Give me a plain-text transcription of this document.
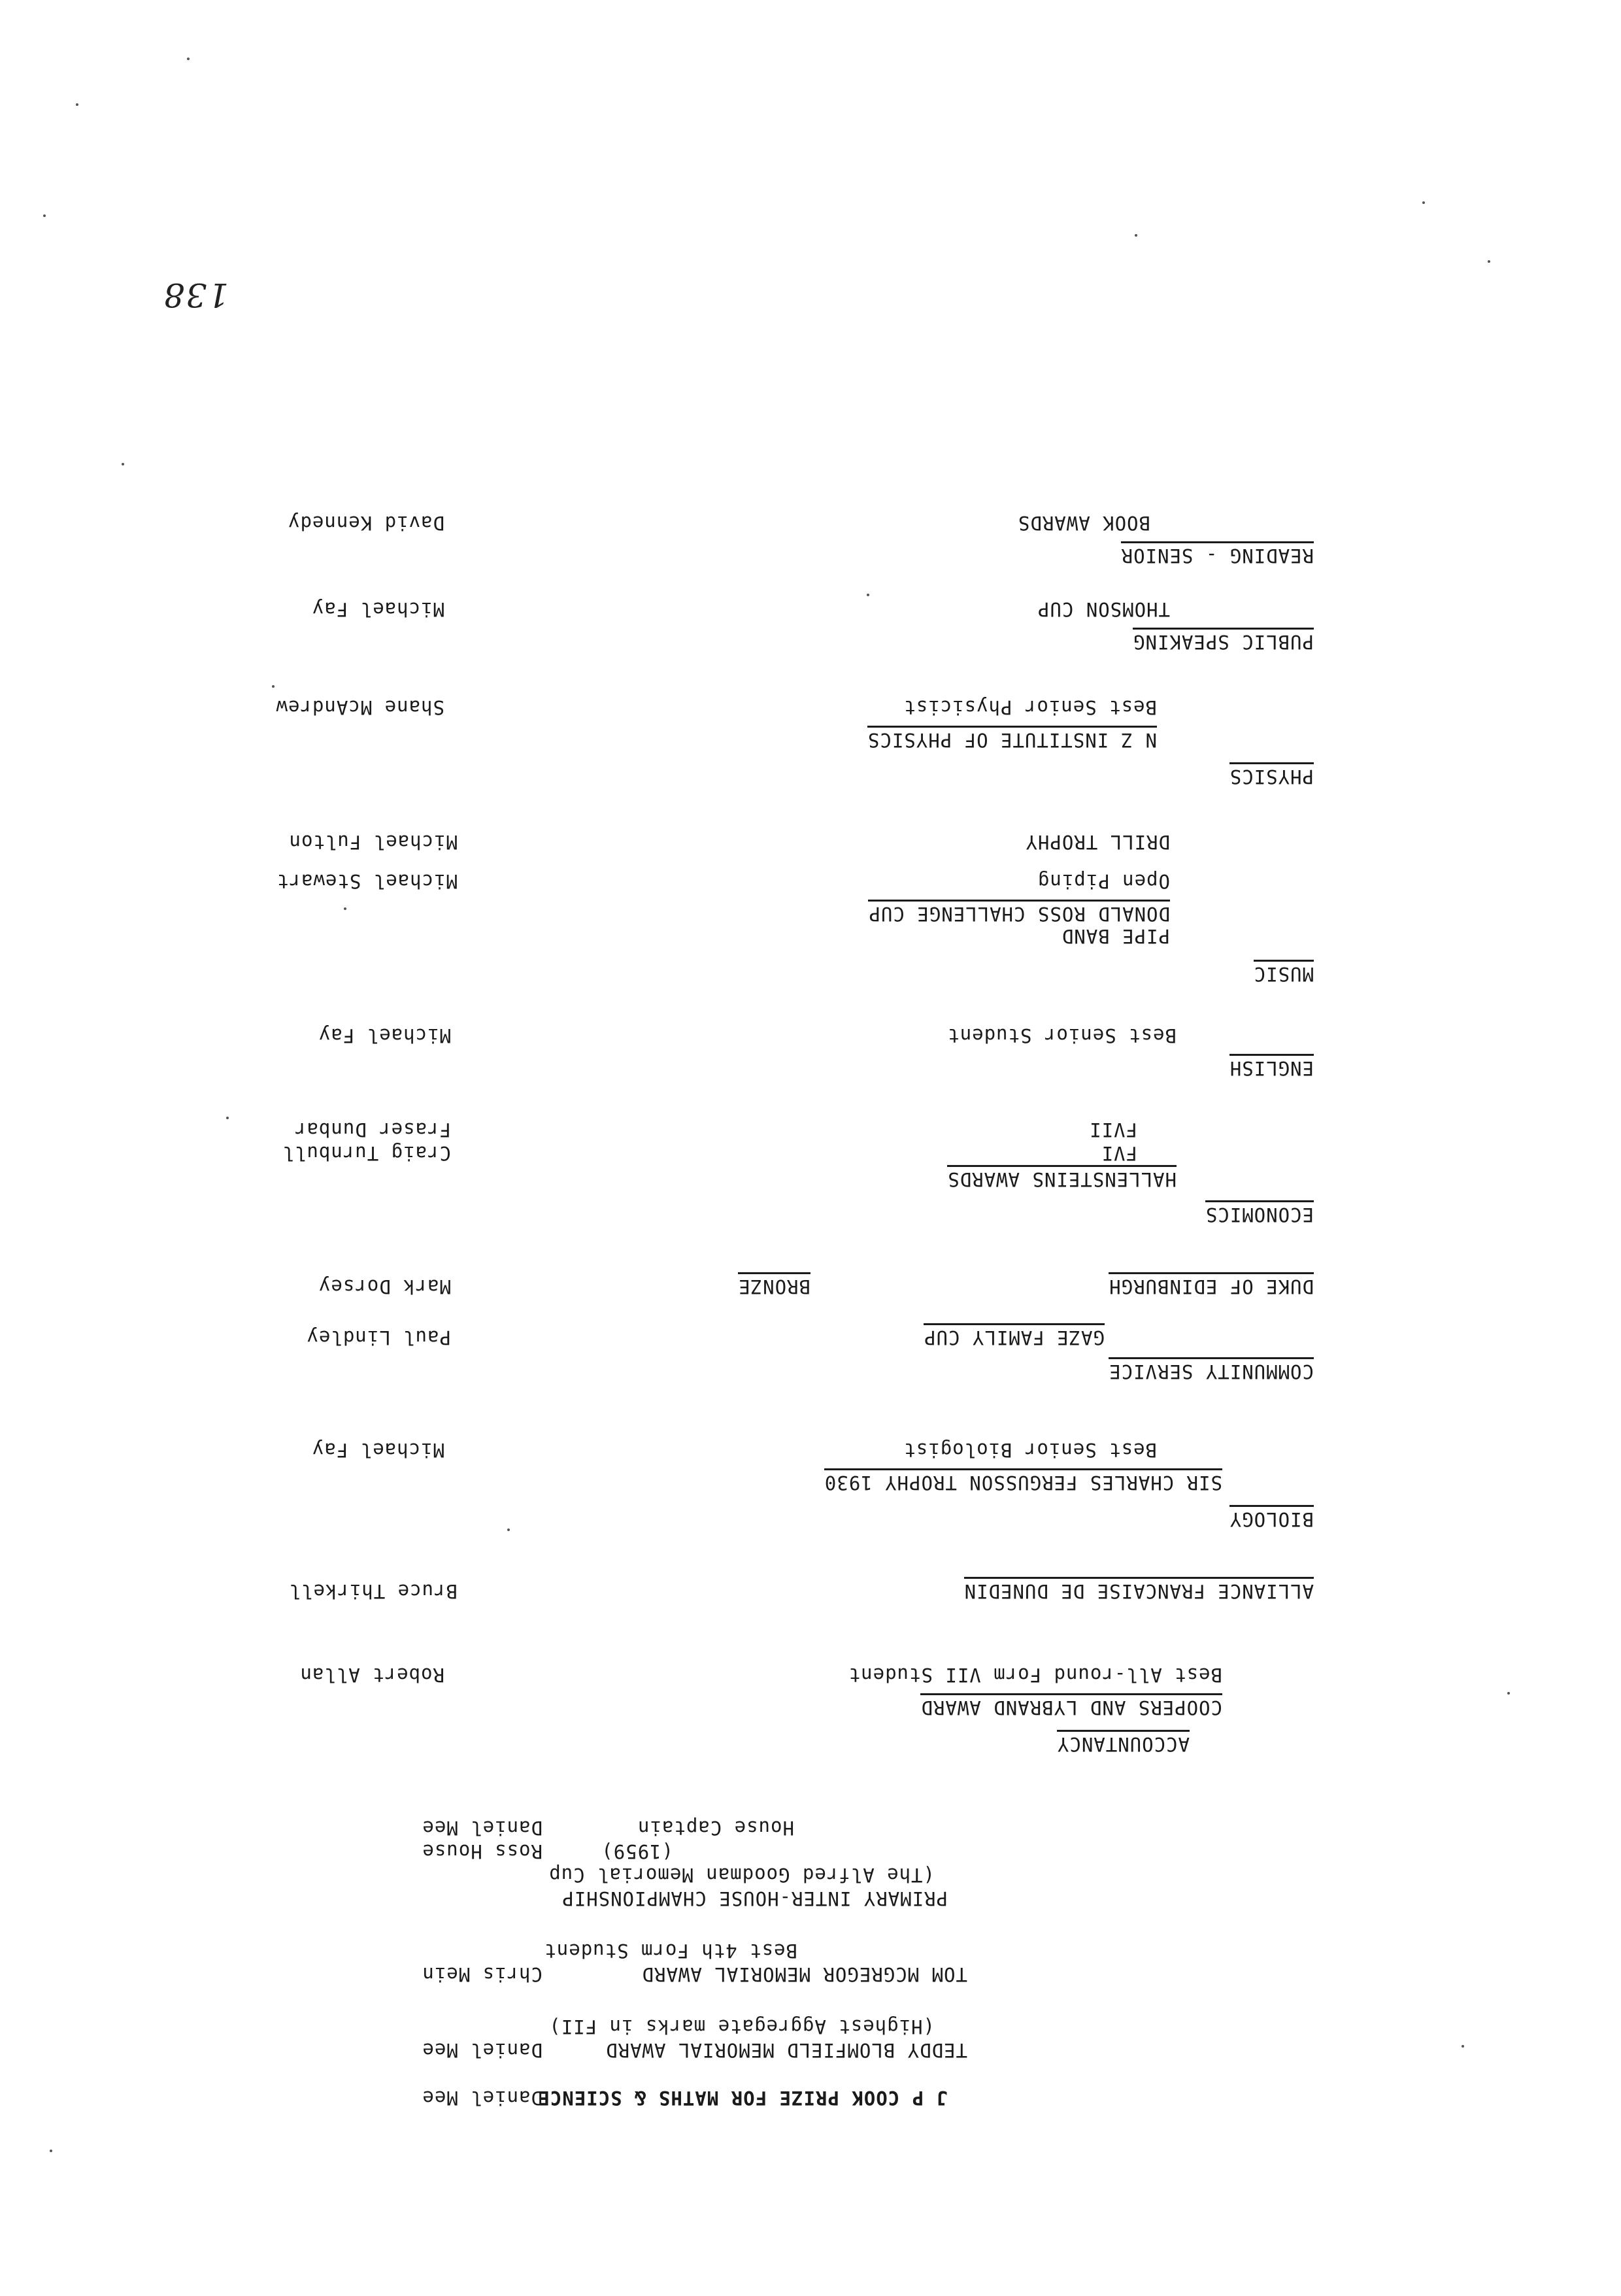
138
J P COOK PRIZE FOR MATHS & SCIENCE
Daniel Mee
TEDDY BLOMFIELD MEMORIAL AWARD
(Highest Aggregate marks in FII)
Daniel Mee
TOM MCGREGOR MEMORIAL AWARD
Best 4th Form Student
Chris Mein
PRIMARY INTER-HOUSE CHAMPIONSHIP
(The Alfred Goodman Memorial Cup
(1959)
Ross House
House Captain
Daniel Mee
ACCOUNTANCY
COOPERS AND LYBRAND AWARD
Best All-round Form VII Student
Robert Allan
ALLIANCE FRANCAISE DE DUNEDIN
Bruce Thirkell
BIOLOGY
SIR CHARLES FERGUSSON TROPHY 1930
Best Senior Biologist
Michael Fay
COMMUNITY SERVICE
GAZE FAMILY CUP
Paul Lindley
DUKE OF EDINBURGH
BRONZE
Mark Dorsey
ECONOMICS
HALLENSTEINS AWARDS
FVI
Craig Turnbull
FVII
Fraser Dunbar
ENGLISH
Best Senior Student
Michael Fay
MUSIC
PIPE BAND
DONALD ROSS CHALLENGE CUP
Open Piping
Michael Stewart
DRILL TROPHY
Michael Fulton
PHYSICS
N Z INSTITUTE OF PHYSICS
Best Senior Physicist
Shane McAndrew
PUBLIC SPEAKING
THOMSON CUP
Michael Fay
READING - SENIOR
BOOK AWARDS
David Kennedy
